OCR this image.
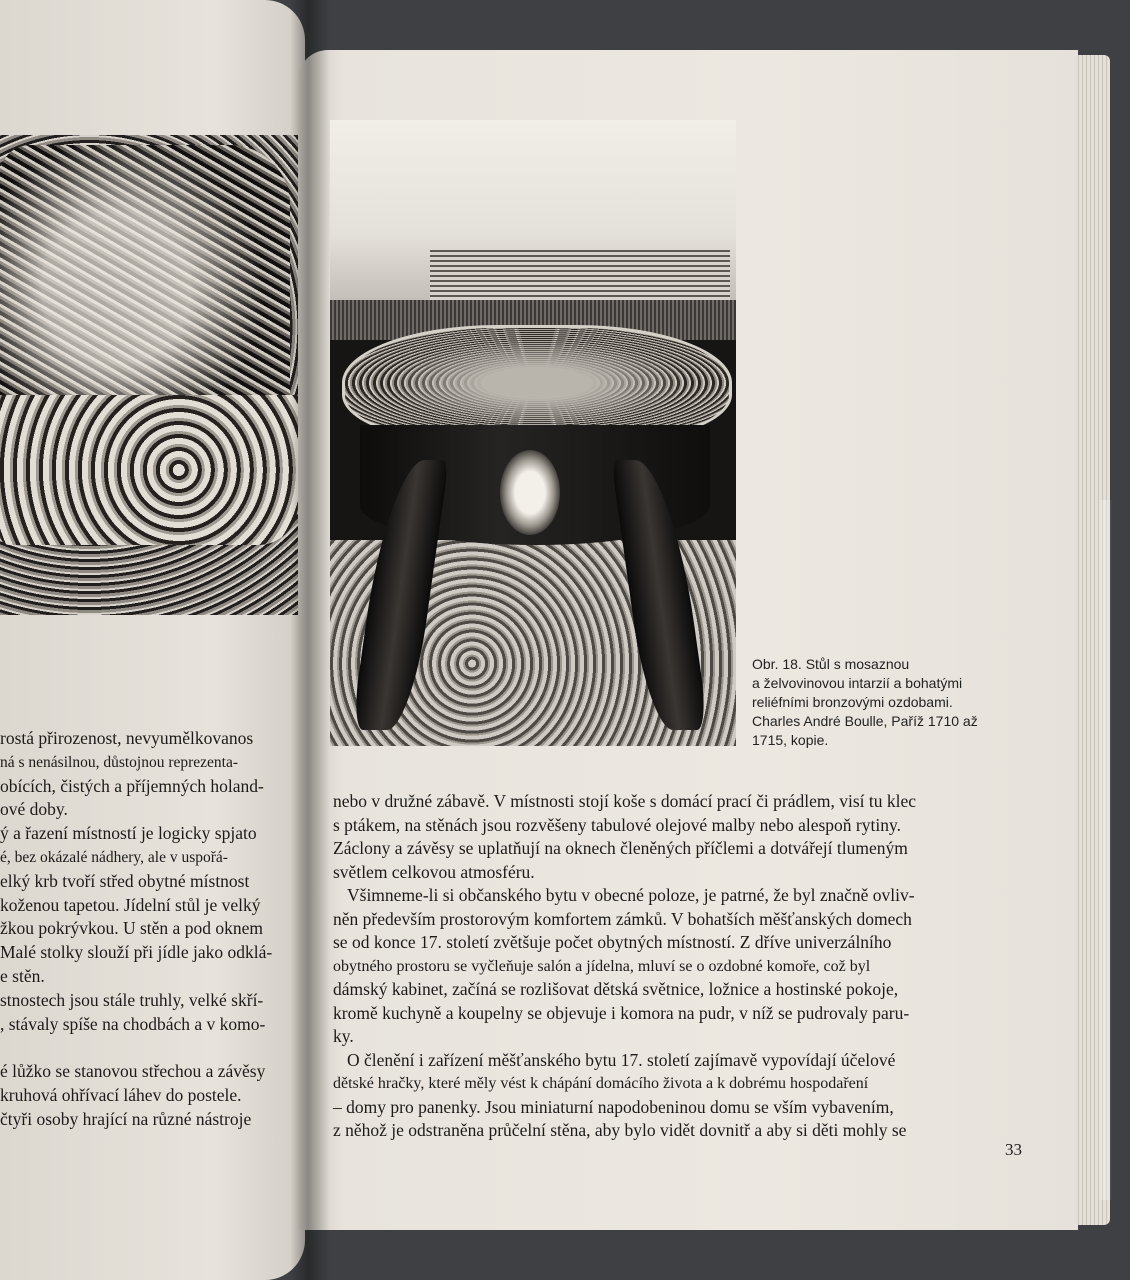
Obr. 18. Stůl s mosaznou
a želvovinovou intarzií a bohatými
reliéfními bronzovými ozdobami.
Charles André Boulle, Paříž 1710 až
1715, kopie.
rostá přirozenost, nevyumělkovanos
ná s nenásilnou, důstojnou reprezenta-
obících, čistých a příjemných holand-
ové doby.
ý a řazení místností je logicky spjato
é, bez okázalé nádhery, ale v uspořá-
elký krb tvoří střed obytné místnost
koženou tapetou. Jídelní stůl je velký
žkou pokrývkou. U stěn a pod oknem
Malé stolky slouží při jídle jako odklá-
e stěn.
stnostech jsou stále truhly, velké skří-
, stávaly spíše na chodbách a v komo-
é lůžko se stanovou střechou a závěsy
kruhová ohřívací láhev do postele.
čtyři osoby hrající na různé nástroje
nebo v družné zábavě. V místnosti stojí koše s domácí prací či prádlem, visí tu klec
s ptákem, na stěnách jsou rozvěšeny tabulové olejové malby nebo alespoň rytiny.
Záclony a závěsy se uplatňují na oknech členěných příčlemi a dotvářejí tlumeným
světlem celkovou atmosféru.
Všimneme-li si občanského bytu v obecné poloze, je patrné, že byl značně ovliv-
něn především prostorovým komfortem zámků. V bohatších měšťanských domech
se od konce 17. století zvětšuje počet obytných místností. Z dříve univerzálního
obytného prostoru se vyčleňuje salón a jídelna, mluví se o ozdobné komoře, což byl
dámský kabinet, začíná se rozlišovat dětská světnice, ložnice a hostinské pokoje,
kromě kuchyně a koupelny se objevuje i komora na pudr, v níž se pudrovaly paru-
ky.
O členění i zařízení měšťanského bytu 17. století zajímavě vypovídají účelové
dětské hračky, které měly vést k chápání domácího života a k dobrému hospodaření
– domy pro panenky. Jsou miniaturní napodobeninou domu se vším vybavením,
z něhož je odstraněna průčelní stěna, aby bylo vidět dovnitř a aby si děti mohly se
33
